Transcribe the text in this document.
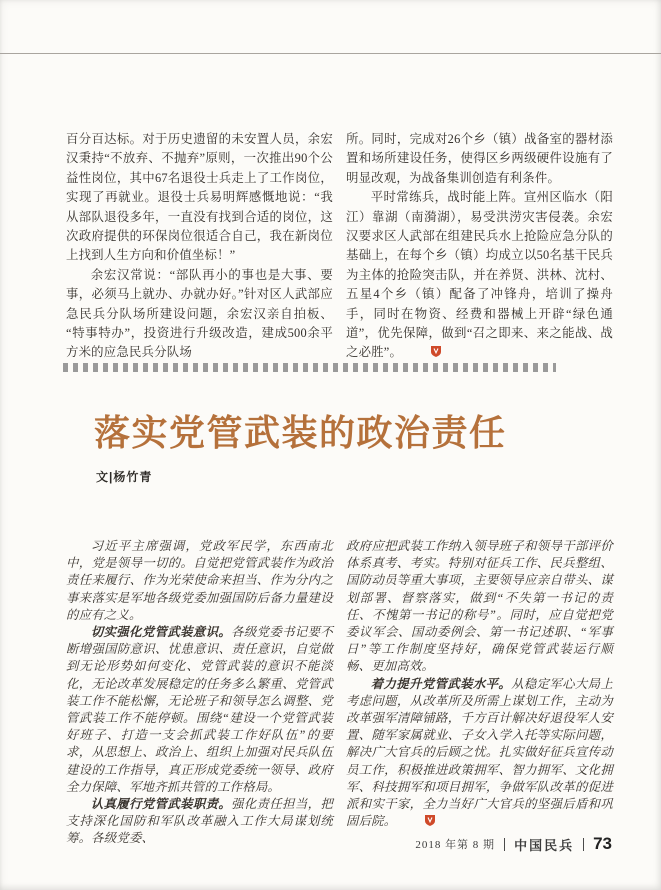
百分百达标。对于历史遗留的未安置人员，余宏汉秉持“不放弃、不抛弃”原则，一次推出90个公益性岗位，其中67名退役士兵走上了工作岗位，实现了再就业。退役士兵易明辉感慨地说：“我从部队退役多年，一直没有找到合适的岗位，这次政府提供的环保岗位很适合自己，我在新岗位上找到人生方向和价值坐标！”

余宏汉常说：“部队再小的事也是大事、要事，必须马上就办、办就办好。”针对区人武部应急民兵分队场所建设问题，余宏汉亲自拍板、“特事特办”，投资进行升级改造，建成500余平方米的应急民兵分队场

所。同时，完成对26个乡（镇）战备室的器材添置和场所建设任务，使得区乡两级硬件设施有了明显改观，为战备集训创造有利条件。

平时常练兵，战时能上阵。宣州区临水（阳江）靠湖（南漪湖），易受洪涝灾害侵袭。余宏汉要求区人武部在组建民兵水上抢险应急分队的基础上，在每个乡（镇）均成立以50名基干民兵为主体的抢险突击队，并在养贤、洪林、沈村、五星4个乡（镇）配备了冲锋舟，培训了操舟手，同时在物资、经费和器械上开辟“绿色通道”，优先保障，做到“召之即来、来之能战、战之必胜”。

落实党管武装的政治责任
文|杨竹青

习近平主席强调，党政军民学，东西南北中，党是领导一切的。自觉把党管武装作为政治责任来履行、作为光荣使命来担当、作为分内之事来落实是军地各级党委加强国防后备力量建设的应有之义。

切实强化党管武装意识。各级党委书记要不断增强国防意识、忧患意识、责任意识，自觉做到无论形势如何变化、党管武装的意识不能淡化，无论改革发展稳定的任务多么繁重、党管武装工作不能松懈，无论班子和领导怎么调整、党管武装工作不能停顿。围绕“建设一个党管武装好班子、打造一支会抓武装工作好队伍”的要求，从思想上、政治上、组织上加强对民兵队伍建设的工作指导，真正形成党委统一领导、政府全力保障、军地齐抓共管的工作格局。

认真履行党管武装职责。强化责任担当，把支持深化国防和军队改革融入工作大局谋划统筹。各级党委、

政府应把武装工作纳入领导班子和领导干部评价体系真考、考实。特别对征兵工作、民兵整组、国防动员等重大事项，主要领导应亲自带头、谋划部署、督察落实，做到“不失第一书记的责任、不愧第一书记的称号”。同时，应自觉把党委议军会、国动委例会、第一书记述职、“军事日”等工作制度坚持好，确保党管武装运行顺畅、更加高效。

着力提升党管武装水平。从稳定军心大局上考虑问题，从改革所及所需上谋划工作，主动为改革强军清障铺路，千方百计解决好退役军人安置、随军家属就业、子女入学入托等实际问题，解决广大官兵的后顾之忧。扎实做好征兵宣传动员工作，积极推进政策拥军、智力拥军、文化拥军、科技拥军和项目拥军，争做军队改革的促进派和实干家，全力当好广大官兵的坚强后盾和巩固后院。

2018 年第 8 期 中国民兵 73
